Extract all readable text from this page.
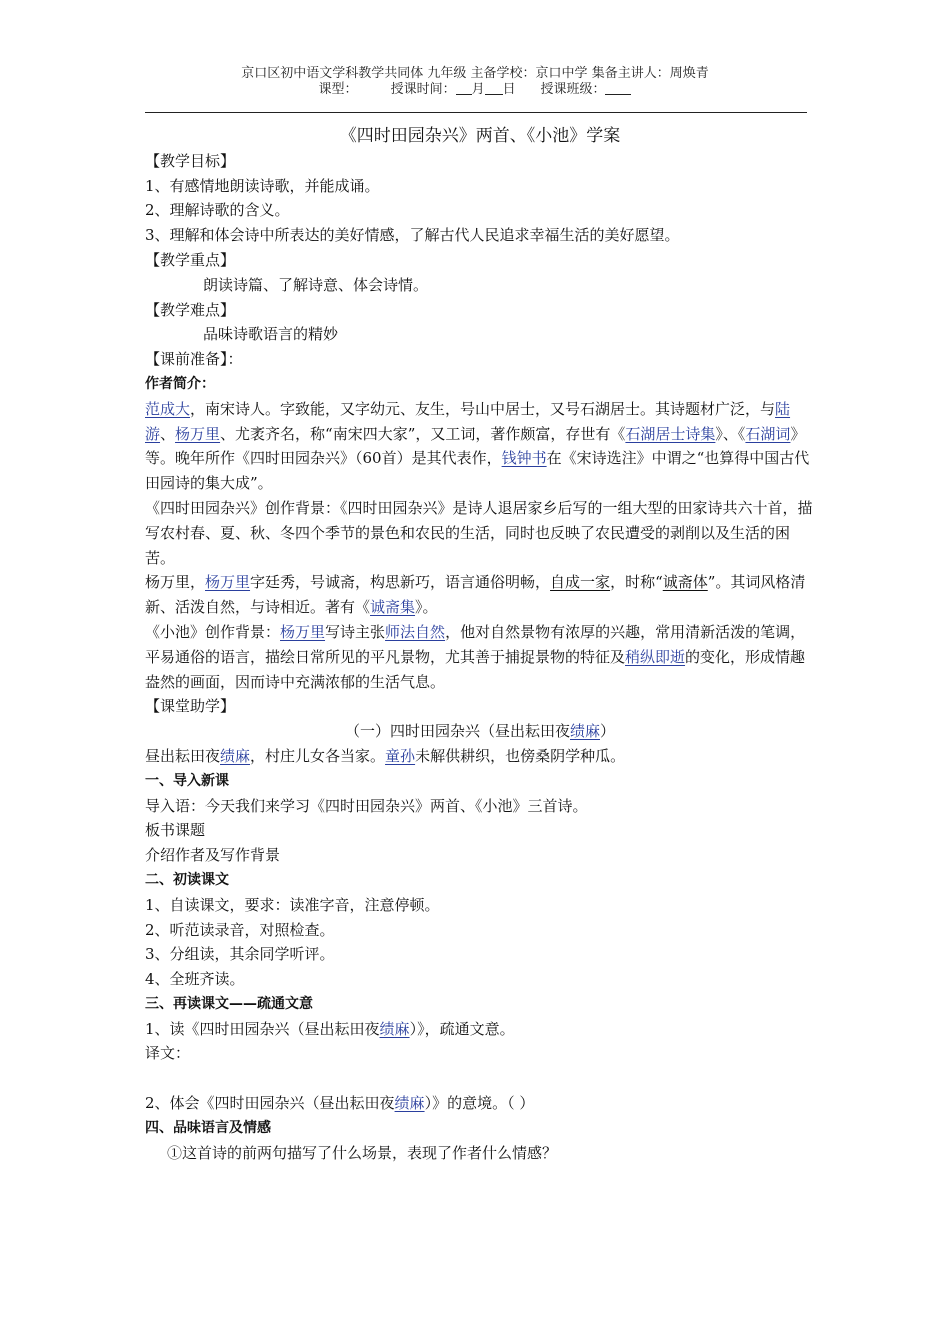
京口区初中语文学科教学共同体 九年级 主备学校：京口中学 集备主讲人：周焕青
课型：	授课时间： 月 日 授课班级：

《四时田园杂兴》两首、《小池》学案

【教学目标】

1、有感情地朗读诗歌，并能成诵。

2、理解诗歌的含义。

3、理解和体会诗中所表达的美好情感，了解古代人民追求幸福生活的美好愿望。

【教学重点】

朗读诗篇、了解诗意、体会诗情。

【教学难点】

品味诗歌语言的精妙

【课前准备】：

作者简介：

范成大，南宋诗人。字致能，又字幼元、友生，号山中居士，又号石湖居士。其诗题材广泛，与陆游、杨万里、尤袤齐名，称“南宋四大家”，又工词，著作颇富，存世有《石湖居士诗集》、《石湖词》等。晚年所作《四时田园杂兴》（60首）是其代表作，钱钟书在《宋诗选注》中谓之“也算得中国古代田园诗的集大成”。

《四时田园杂兴》创作背景：《四时田园杂兴》是诗人退居家乡后写的一组大型的田家诗共六十首，描写农村春、夏、秋、冬四个季节的景色和农民的生活，同时也反映了农民遭受的剥削以及生活的困苦。

杨万里，杨万里字廷秀，号诚斋，构思新巧，语言通俗明畅，自成一家，时称“诚斋体”。其词风格清新、活泼自然，与诗相近。著有《诚斋集》。

《小池》创作背景：杨万里写诗主张师法自然，他对自然景物有浓厚的兴趣，常用清新活泼的笔调，平易通俗的语言，描绘日常所见的平凡景物，尤其善于捕捉景物的特征及稍纵即逝的变化，形成情趣盎然的画面，因而诗中充满浓郁的生活气息。

【课堂助学】

（一）四时田园杂兴（昼出耘田夜绩麻）

昼出耘田夜绩麻，村庄儿女各当家。童孙未解供耕织，也傍桑阴学种瓜。

一、导入新课

导入语：今天我们来学习《四时田园杂兴》两首、《小池》三首诗。

板书课题

介绍作者及写作背景

二、初读课文

1、自读课文，要求：读准字音，注意停顿。

2、听范读录音，对照检查。

3、分组读，其余同学听评。

4、全班齐读。

三、再读课文——疏通文意

1、读《四时田园杂兴（昼出耘田夜绩麻）》，疏通文意。

译文：

2、体会《四时田园杂兴（昼出耘田夜绩麻）》的意境。（ ）

四、品味语言及情感

①这首诗的前两句描写了什么场景，表现了作者什么情感？
